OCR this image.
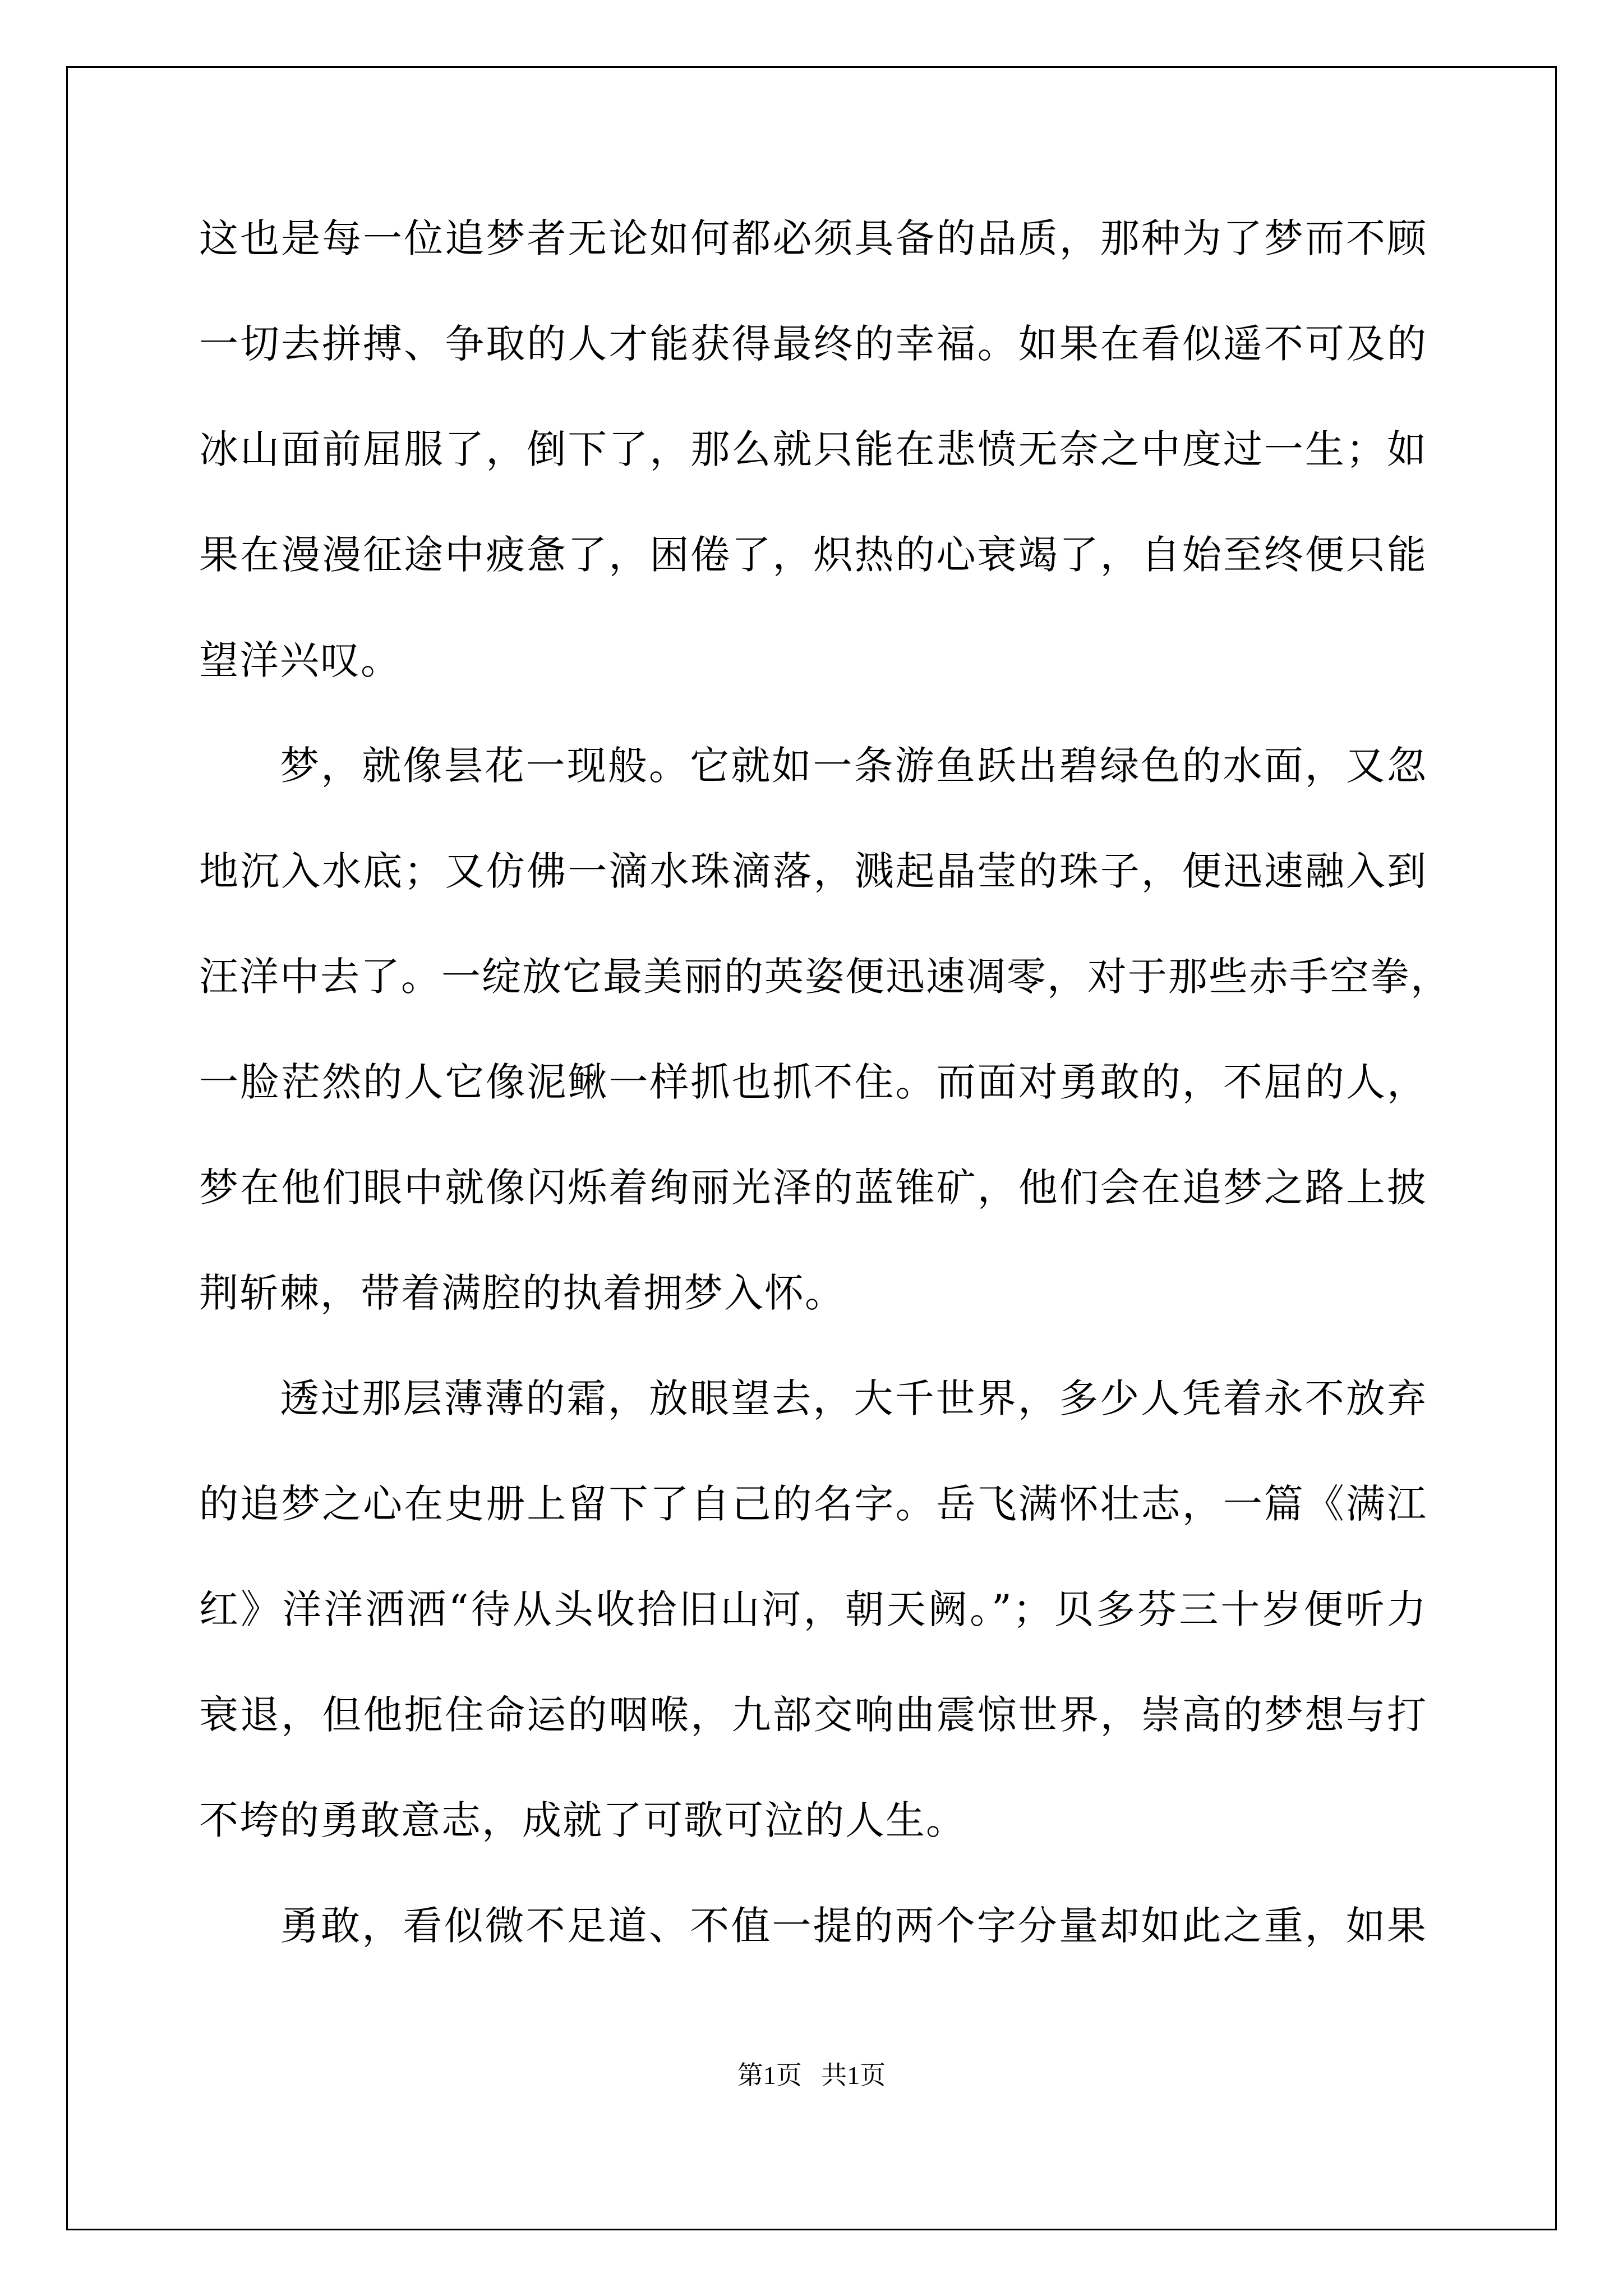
这也是每一位追梦者无论如何都必须具备的品质，那种为了梦而不顾
一切去拼搏、争取的人才能获得最终的幸福。如果在看似遥不可及的
冰山面前屈服了，倒下了，那么就只能在悲愤无奈之中度过一生；如
果在漫漫征途中疲惫了，困倦了，炽热的心衰竭了，自始至终便只能
望洋兴叹。
梦，就像昙花一现般。它就如一条游鱼跃出碧绿色的水面，又忽
地沉入水底；又仿佛一滴水珠滴落，溅起晶莹的珠子，便迅速融入到
汪洋中去了。一绽放它最美丽的英姿便迅速凋零，对于那些赤手空拳，
一脸茫然的人它像泥鳅一样抓也抓不住。而面对勇敢的，不屈的人，
梦在他们眼中就像闪烁着绚丽光泽的蓝锥矿，他们会在追梦之路上披
荆斩棘，带着满腔的执着拥梦入怀。
透过那层薄薄的霜，放眼望去，大千世界，多少人凭着永不放弃
的追梦之心在史册上留下了自己的名字。岳飞满怀壮志，一篇《满江
红》洋洋洒洒“待从头收拾旧山河，朝天阙。”；贝多芬三十岁便听力
衰退，但他扼住命运的咽喉，九部交响曲震惊世界，崇高的梦想与打
不垮的勇敢意志，成就了可歌可泣的人生。
勇敢，看似微不足道、不值一提的两个字分量却如此之重，如果
第1页   共1页
